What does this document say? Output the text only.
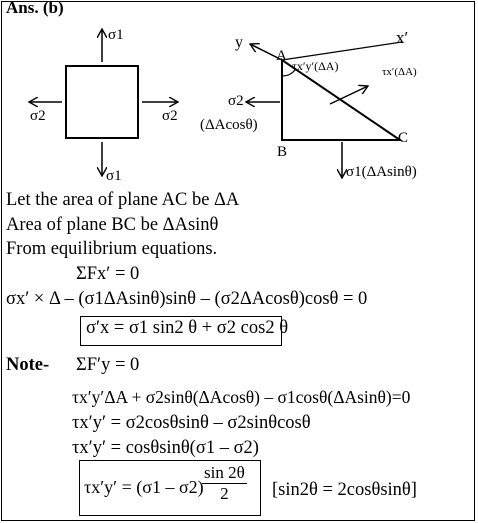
Ans. (b)
σ1
σ1
σ2	σ2
y	x′
A
B
C
τx′y′(ΔA)	τx′(ΔA)
σ2
(ΔAcosθ)
σ1(ΔAsinθ)
Let the area of plane AC be ΔA
Area of plane BC be ΔAsinθ
From equilibrium equations.
ΣFx′ = 0
σx′ × Δ – (σ1ΔAsinθ)sinθ – (σ2ΔAcosθ)cosθ = 0
σ′x = σ1 sin2 θ + σ2 cos2 θ
Note- ΣF′y = 0
τx′y′ΔA + σ2sinθ(ΔAcosθ) – σ1cosθ(ΔAsinθ)=0
τx′y′ = σ2cosθsinθ – σ2sinθcosθ
τx′y′ = cosθsinθ(σ1 – σ2)
τx′y′ = (σ1 – σ2)
$\frac{\sin 2\theta}{2} [\sin 2\theta = 2\cos\theta\sin\theta]$
